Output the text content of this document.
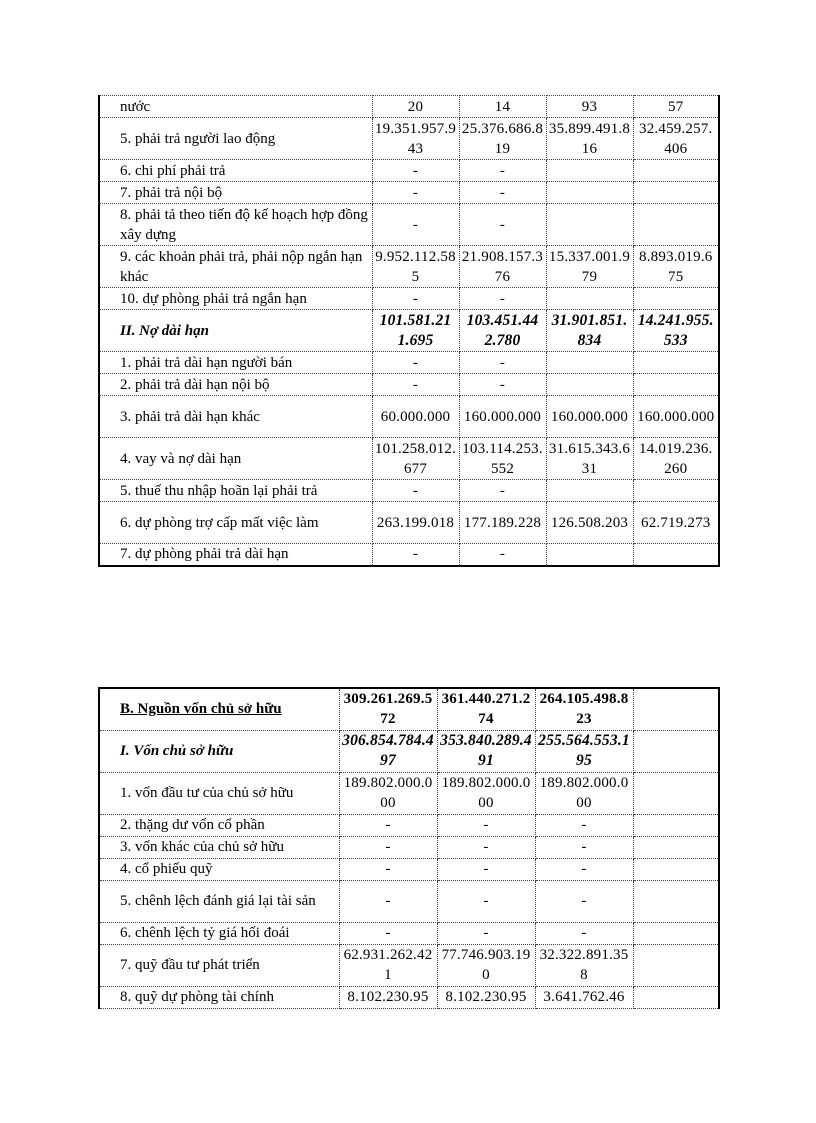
nước	20	14	93	57
5. phải trả người lao động	19.351.957.943	25.376.686.819	35.899.491.816	32.459.257.406
6. chi phí phải trả	-	-		
7. phải trả nội bộ	-	-		
8. phải tả theo tiến độ kế hoạch hợp đồng xây dựng	-	-		
9. các khoản phải trả, phải nộp ngắn hạn khác	9.952.112.585	21.908.157.376	15.337.001.979	8.893.019.675
10. dự phòng phải trả ngắn hạn	-	-		
II. Nợ dài hạn	101.581.211.695	103.451.442.780	31.901.851.834	14.241.955.533
1. phải trả dài hạn người bán	-	-		
2. phải trả dài hạn nội bộ	-	-		
3. phải trả dài hạn khác	60.000.000	160.000.000	160.000.000	160.000.000
4. vay và nợ dài hạn	101.258.012.677	103.114.253.552	31.615.343.631	14.019.236.260
5. thuế thu nhập hoãn lại phải trả	-	-		
6. dự phòng trợ cấp mất việc làm	263.199.018	177.189.228	126.508.203	62.719.273
7. dự phòng phải trả dài hạn	-	-		
B. Nguồn vốn chủ sở hữu	309.261.269.572	361.440.271.274	264.105.498.823	
I. Vốn chủ sở hữu	306.854.784.497	353.840.289.491	255.564.553.195	
1. vốn đầu tư của chủ sở hữu	189.802.000.000	189.802.000.000	189.802.000.000	
2. thặng dư vốn cổ phần	-	-	-	
3. vốn khác của chủ sở hữu	-	-	-	
4. cổ phiếu quỹ	-	-	-	
5. chênh lệch đánh giá lại tài sản	-	-	-	
6. chênh lệch tỷ giá hối đoái	-	-	-	
7. quỹ đầu tư phát triển	62.931.262.421	77.746.903.190	32.322.891.358	
8. quỹ dự phòng tài chính	8.102.230.95	8.102.230.95	3.641.762.46	
